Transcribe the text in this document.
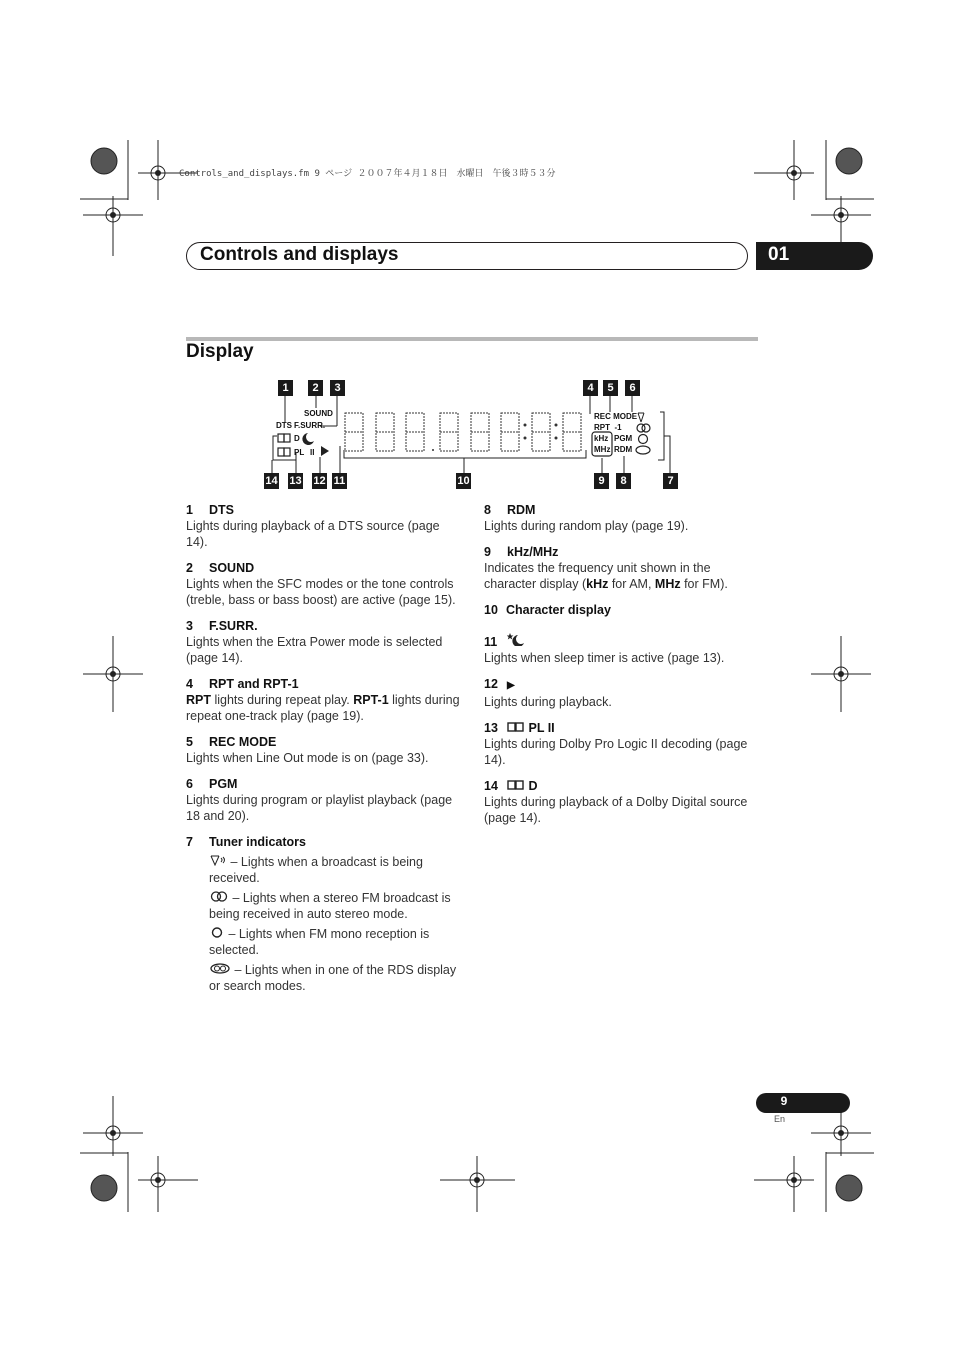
Controls_and_displays.fm 9 ページ ２００７年４月１８日　水曜日　午後３時５３分
Controls and displays	01
Display
1	2	3	4	5	6
14 13 12 11	10	9	8	7
SOUND
DTS F.SURR.
D
PL II
REC MODE
RPT  -1
kHz
MHz
PGM
RDM
1 DTS
Lights during playback of a DTS source (page 14).
2 SOUND
Lights when the SFC modes or the tone controls (treble, bass or bass boost) are active (page 15).
3 F.SURR.
Lights when the Extra Power mode is selected (page 14).
4 RPT and RPT-1
RPT lights during repeat play. RPT-1 lights during repeat one-track play (page 19).
5 REC MODE
Lights when Line Out mode is on (page 33).
6 PGM
Lights during program or playlist playback (page 18 and 20).
7 Tuner indicators
– Lights when a broadcast is being received.
– Lights when a stereo FM broadcast is being received in auto stereo mode.
– Lights when FM mono reception is selected.
– Lights when in one of the RDS display or search modes.
8 RDM
Lights during random play (page 19).
9 kHz/MHz
Indicates the frequency unit shown in the character display (kHz for AM, MHz for FM).
10 Character display
11
Lights when sleep timer is active (page 13).
12 ▶
Lights during playback.
13 PL II
Lights during Dolby Pro Logic II decoding (page 14).
14 D
Lights during playback of a Dolby Digital source (page 14).
9
En
